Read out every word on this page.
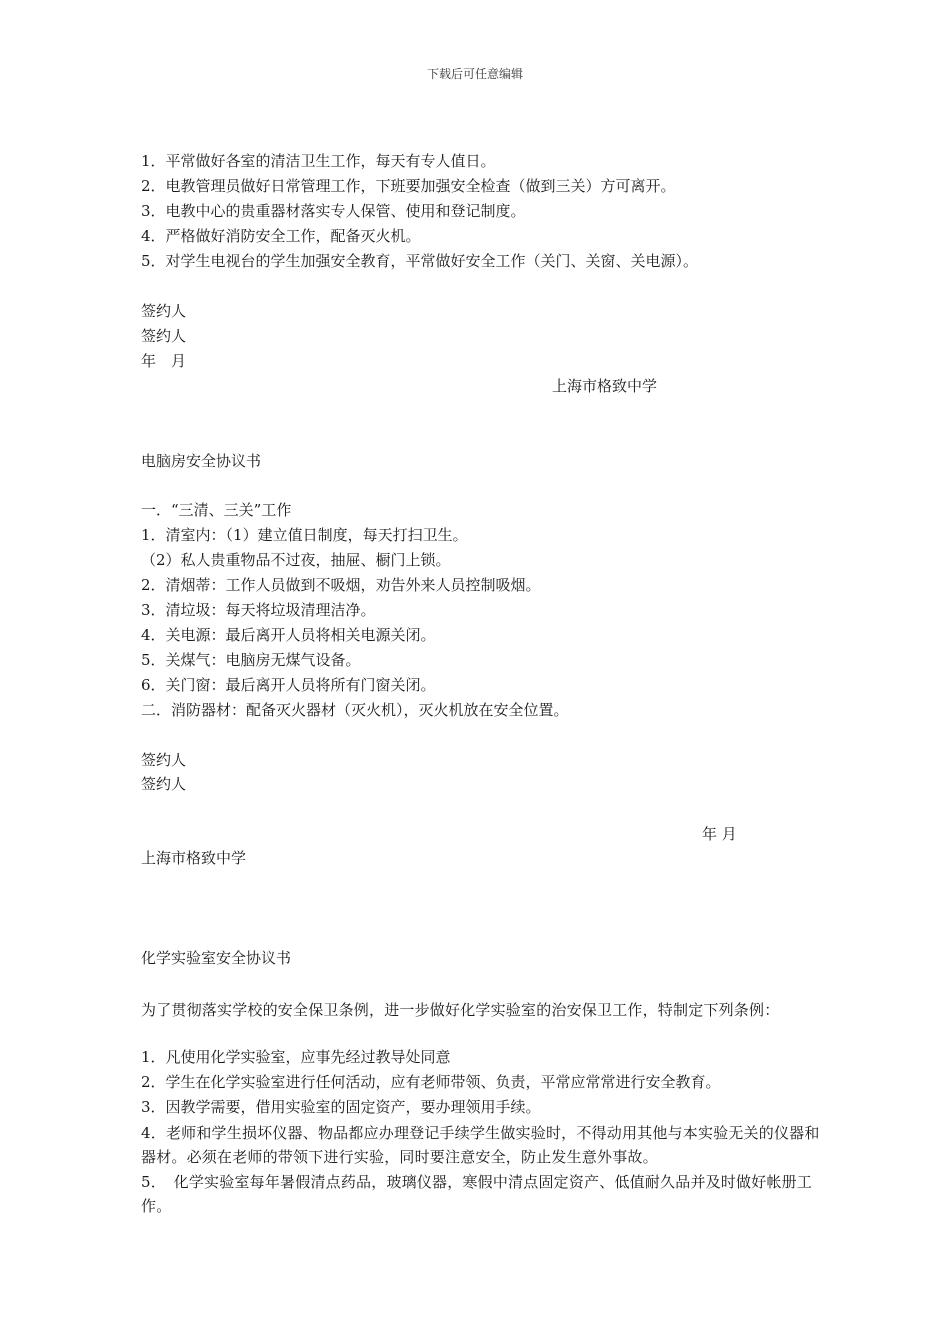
下载后可任意编辑
1．平常做好各室的清洁卫生工作，每天有专人值日。
2．电教管理员做好日常管理工作，下班要加强安全检查（做到三关）方可离开。
3．电教中心的贵重器材落实专人保管、使用和登记制度。
4．严格做好消防安全工作，配备灭火机。
5．对学生电视台的学生加强安全教育，平常做好安全工作（关门、关窗、关电源）。
签约人
签约人
年　月
上海市格致中学
电脑房安全协议书
一．“三清、三关”工作
1．清室内：（1）建立值日制度，每天打扫卫生。
（2）私人贵重物品不过夜，抽屉、橱门上锁。
2．清烟蒂：工作人员做到不吸烟，劝告外来人员控制吸烟。
3．清垃圾：每天将垃圾清理洁净。
4．关电源：最后离开人员将相关电源关闭。
5．关煤气：电脑房无煤气设备。
6．关门窗：最后离开人员将所有门窗关闭。
二．消防器材：配备灭火器材（灭火机），灭火机放在安全位置。
签约人
签约人
年 月
上海市格致中学
化学实验室安全协议书
为了贯彻落实学校的安全保卫条例，进一步做好化学实验室的治安保卫工作，特制定下列条例：
1．凡使用化学实验室，应事先经过教导处同意
2．学生在化学实验室进行任何活动，应有老师带领、负责，平常应常常进行安全教育。
3．因教学需要，借用实验室的固定资产，要办理领用手续。
4．老师和学生损坏仪器、物品都应办理登记手续学生做实验时，不得动用其他与本实验无关的仪器和器材。必须在老师的带领下进行实验，同时要注意安全，防止发生意外事故。
5．　化学实验室每年暑假清点药品，玻璃仪器，寒假中清点固定资产、低值耐久品并及时做好帐册工作。
